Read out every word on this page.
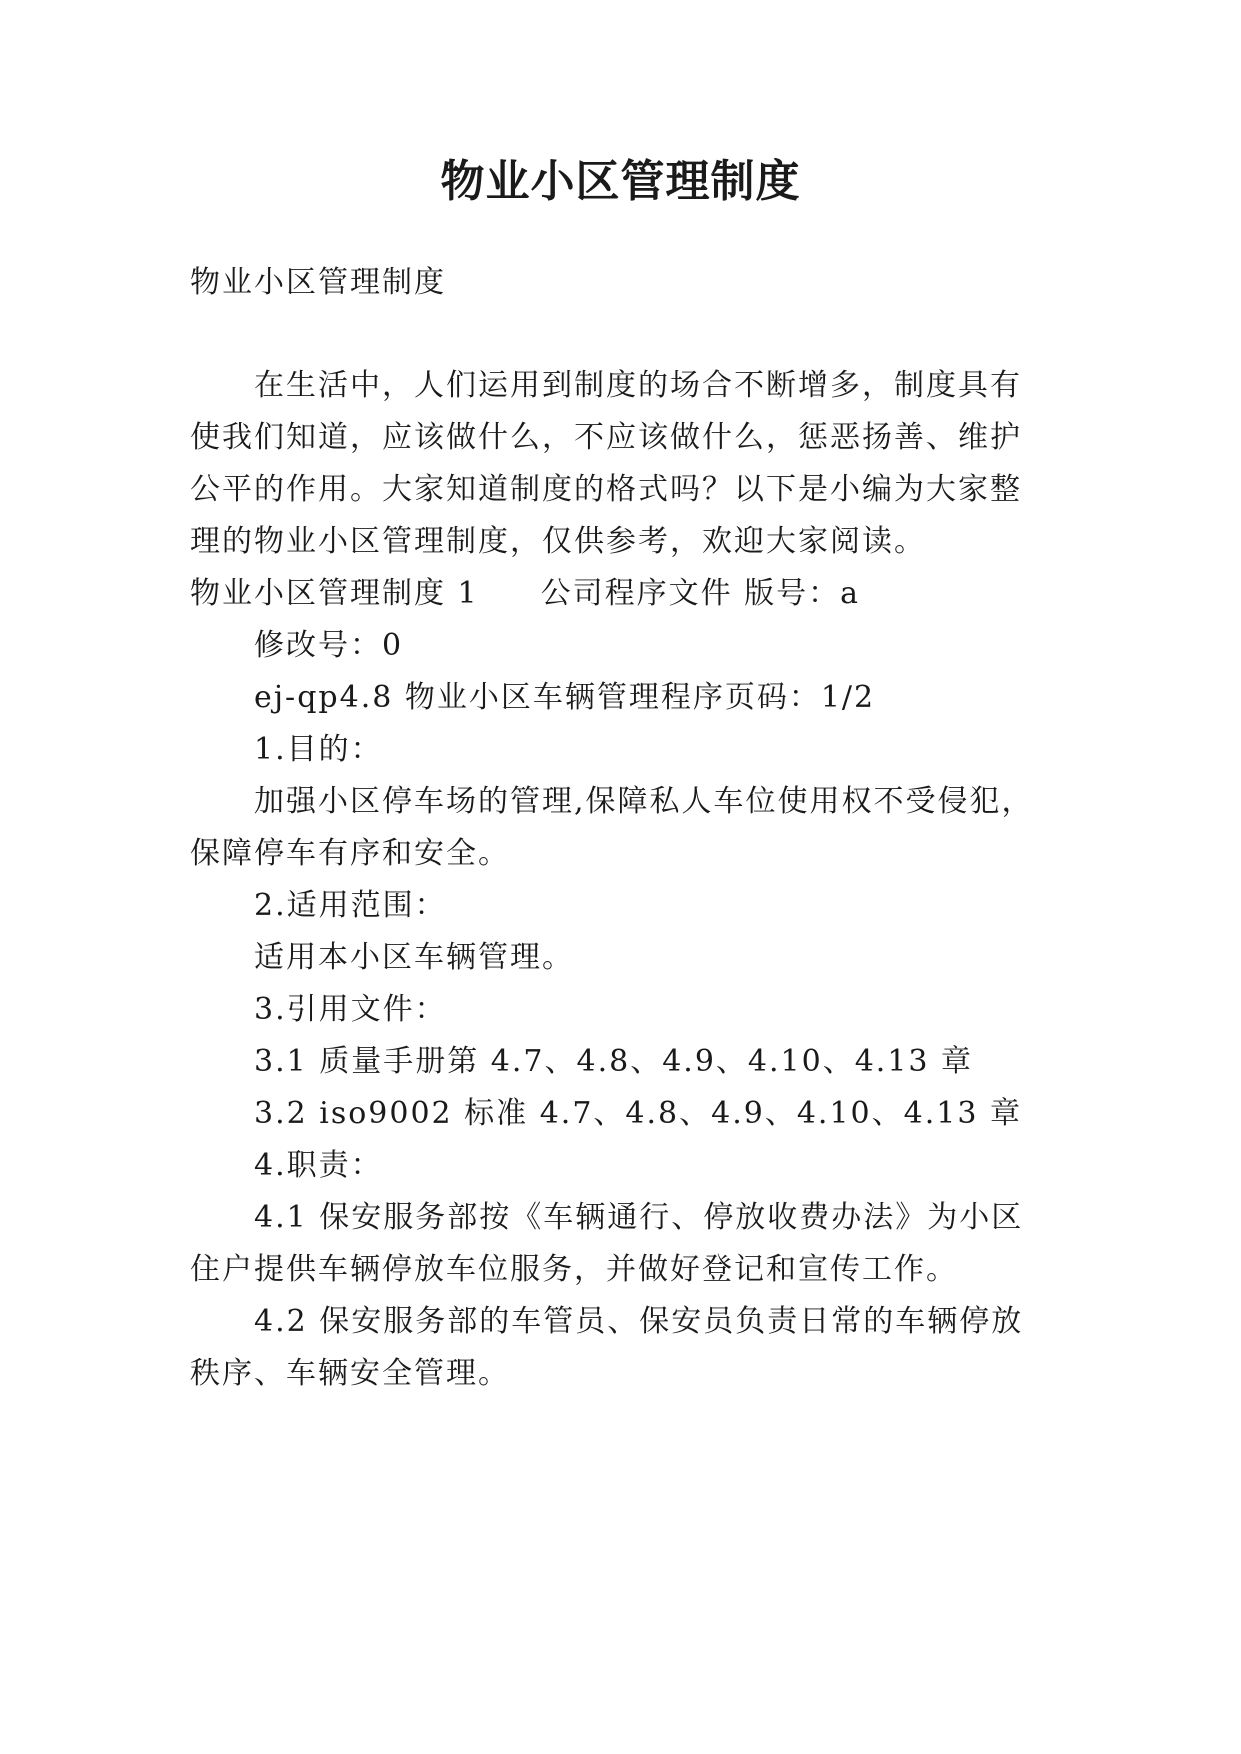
物业小区管理制度
物业小区管理制度
在生活中，人们运用到制度的场合不断增多，制度具有
使我们知道，应该做什么，不应该做什么，惩恶扬善、维护
公平的作用。大家知道制度的格式吗？以下是小编为大家整
理的物业小区管理制度，仅供参考，欢迎大家阅读。
物业小区管理制度 1 公司程序文件 版号：a
修改号：0
ej-qp4.8 物业小区车辆管理程序页码：1/2
1.目的：
加强小区停车场的管理,保障私人车位使用权不受侵犯，
保障停车有序和安全。
2.适用范围：
适用本小区车辆管理。
3.引用文件：
3.1 质量手册第 4.7、4.8、4.9、4.10、4.13 章
3.2 iso9002 标准 4.7、4.8、4.9、4.10、4.13 章
4.职责：
4.1 保安服务部按《车辆通行、停放收费办法》为小区
住户提供车辆停放车位服务，并做好登记和宣传工作。
4.2 保安服务部的车管员、保安员负责日常的车辆停放
秩序、车辆安全管理。
